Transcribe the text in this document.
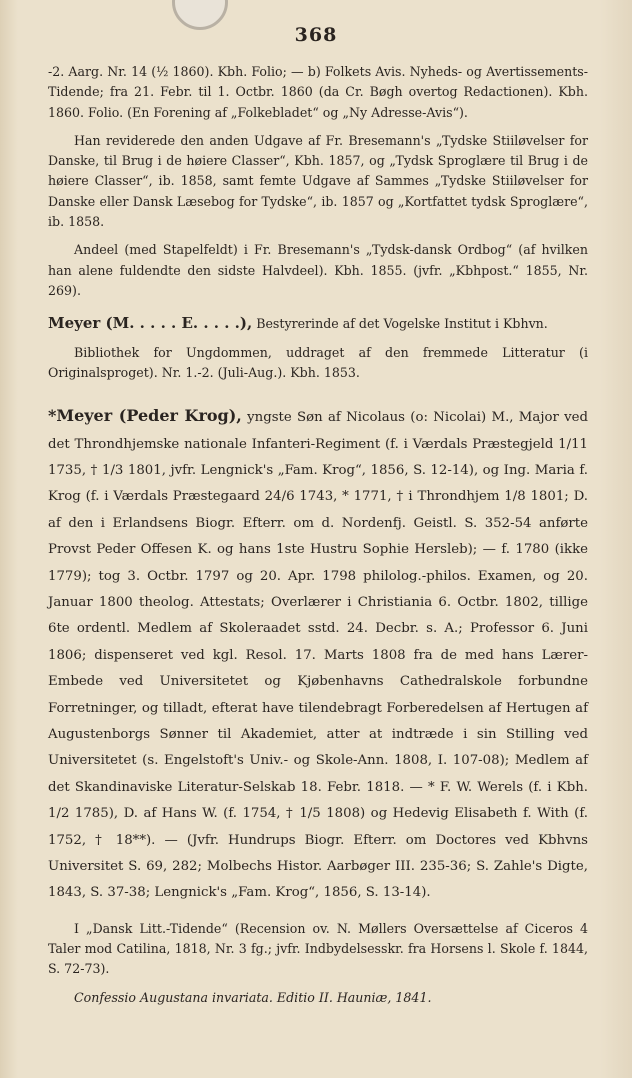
368

-2. Aarg. Nr. 14 (½ 1860). Kbh. Folio; — b) Folkets Avis. Nyheds- og Avertissements-Tidende; fra 21. Febr. til 1. Octbr. 1860 (da Cr. Bøgh overtog Redactionen). Kbh. 1860. Folio. (En Forening af „Folkebladet“ og „Ny Adresse-Avis“).

Han reviderede den anden Udgave af Fr. Bresemann's „Tydske Stiiløvelser for Danske, til Brug i de høiere Classer“, Kbh. 1857, og „Tydsk Sproglære til Brug i de høiere Classer“, ib. 1858, samt femte Udgave af Sammes „Tydske Stiiløvelser for Danske eller Dansk Læsebog for Tydske“, ib. 1857 og „Kortfattet tydsk Sproglære“, ib. 1858.

Andeel (med Stapelfeldt) i Fr. Bresemann's „Tydsk-dansk Ordbog“ (af hvilken han alene fuldendte den sidste Halvdeel). Kbh. 1855. (jvfr. „Kbhpost.“ 1855, Nr. 269).

Meyer (M. . . . . E. . . . .), Bestyrerinde af det Vogelske Institut i Kbhvn.

Bibliothek for Ungdommen, uddraget af den fremmede Litteratur (i Originalsproget). Nr. 1.-2. (Juli-Aug.). Kbh. 1853.

*Meyer (Peder Krog), yngste Søn af Nicolaus (o: Nicolai) M., Major ved det Throndhjemske nationale Infanteri-Regiment (f. i Værdals Præstegjeld 1/11 1735, † 1/3 1801, jvfr. Lengnick's „Fam. Krog“, 1856, S. 12-14), og Ing. Maria f. Krog (f. i Værdals Præstegaard 24/6 1743, * 1771, † i Throndhjem 1/8 1801; D. af den i Erlandsens Biogr. Efterr. om d. Nordenfj. Geistl. S. 352-54 anførte Provst Peder Offesen K. og hans 1ste Hustru Sophie Hersleb); — f. 1780 (ikke 1779); tog 3. Octbr. 1797 og 20. Apr. 1798 philolog.-philos. Examen, og 20. Januar 1800 theolog. Attestats; Overlærer i Christiania 6. Octbr. 1802, tillige 6te ordentl. Medlem af Skoleraadet sstd. 24. Decbr. s. A.; Professor 6. Juni 1806; dispenseret ved kgl. Resol. 17. Marts 1808 fra de med hans Lærer-Embede ved Universitetet og Kjøbenhavns Cathedralskole forbundne Forretninger, og tilladt, efterat have tilendebragt Forberedelsen af Hertugen af Augustenborgs Sønner til Akademiet, atter at indtræde i sin Stilling ved Universitetet (s. Engelstoft's Univ.- og Skole-Ann. 1808, I. 107-08); Medlem af det Skandinaviske Literatur-Selskab 18. Febr. 1818. — * F. W. Werels (f. i Kbh. 1/2 1785), D. af Hans W. (f. 1754, † 1/5 1808) og Hedevig Elisabeth f. With (f. 1752, † 18**). — (Jvfr. Hundrups Biogr. Efterr. om Doctores ved Kbhvns Universitet S. 69, 282; Molbechs Histor. Aarbøger III. 235-36; S. Zahle's Digte, 1843, S. 37-38; Lengnick's „Fam. Krog“, 1856, S. 13-14).

I „Dansk Litt.-Tidende“ (Recension ov. N. Møllers Oversættelse af Ciceros 4 Taler mod Catilina, 1818, Nr. 3 fg.; jvfr. Indbydelsesskr. fra Horsens l. Skole f. 1844, S. 72-73).

Confessio Augustana invariata. Editio II. Hauniæ, 1841.
